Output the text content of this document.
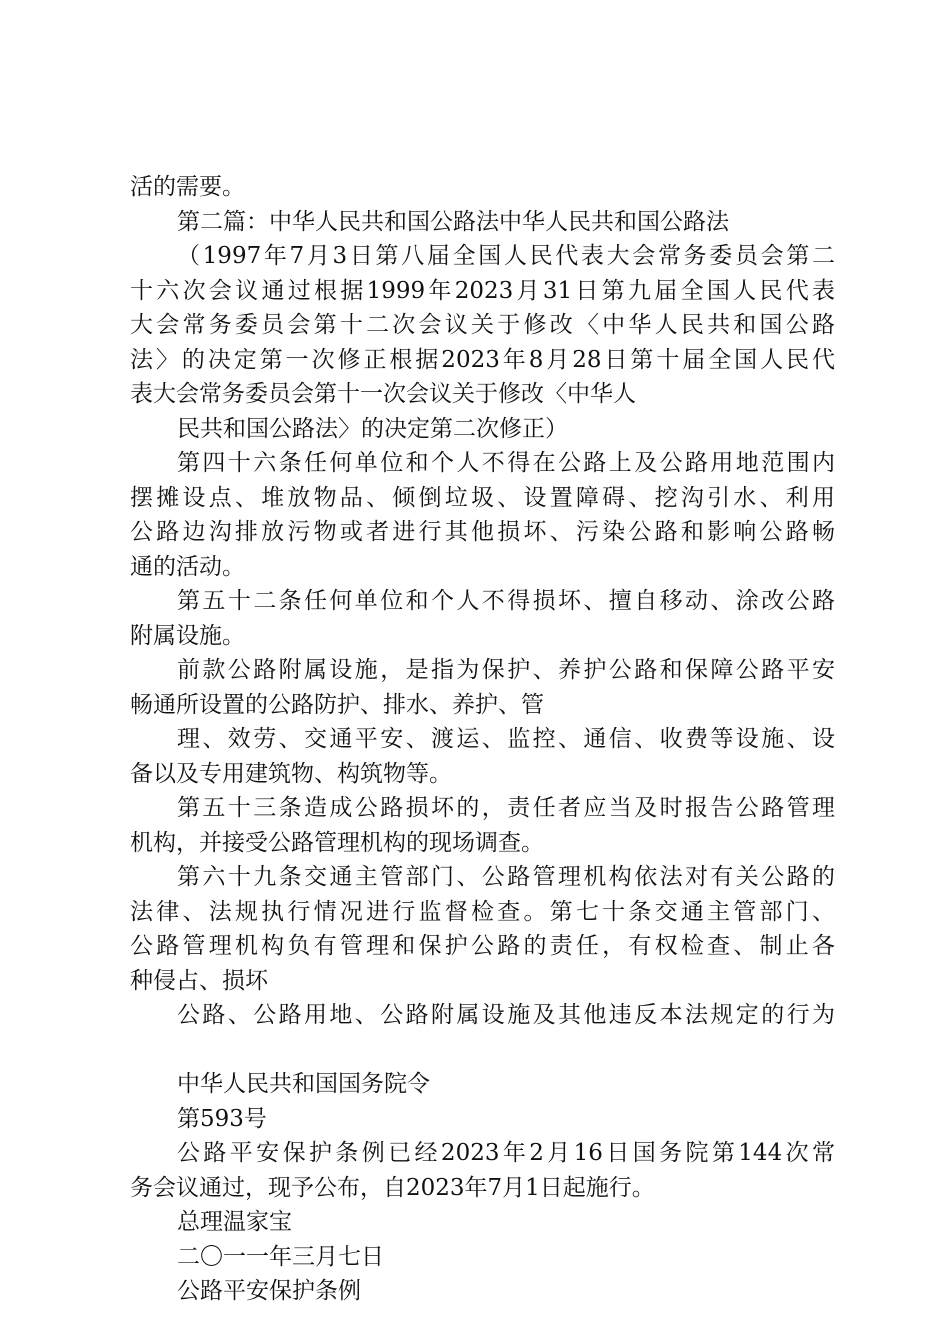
活的需要。
第二篇：中华人民共和国公路法中华人民共和国公路法
（1997年7月3日第八届全国人民代表大会常务委员会第二
十六次会议通过根据1999年2023月31日第九届全国人民代表
大会常务委员会第十二次会议关于修改〈中华人民共和国公路
法〉的决定第一次修正根据2023年8月28日第十届全国人民代
表大会常务委员会第十一次会议关于修改〈中华人
民共和国公路法〉的决定第二次修正）
第四十六条任何单位和个人不得在公路上及公路用地范围内
摆摊设点、堆放物品、倾倒垃圾、设置障碍、挖沟引水、利用
公路边沟排放污物或者进行其他损坏、污染公路和影响公路畅
通的活动。
第五十二条任何单位和个人不得损坏、擅自移动、涂改公路
附属设施。
前款公路附属设施，是指为保护、养护公路和保障公路平安
畅通所设置的公路防护、排水、养护、管
理、效劳、交通平安、渡运、监控、通信、收费等设施、设
备以及专用建筑物、构筑物等。
第五十三条造成公路损坏的，责任者应当及时报告公路管理
机构，并接受公路管理机构的现场调查。
第六十九条交通主管部门、公路管理机构依法对有关公路的
法律、法规执行情况进行监督检查。第七十条交通主管部门、
公路管理机构负有管理和保护公路的责任，有权检查、制止各
种侵占、损坏
公路、公路用地、公路附属设施及其他违反本法规定的行为
中华人民共和国国务院令
第593号
公路平安保护条例已经2023年2月16日国务院第144次常
务会议通过，现予公布，自2023年7月1日起施行。
总理温家宝
二〇一一年三月七日
公路平安保护条例
